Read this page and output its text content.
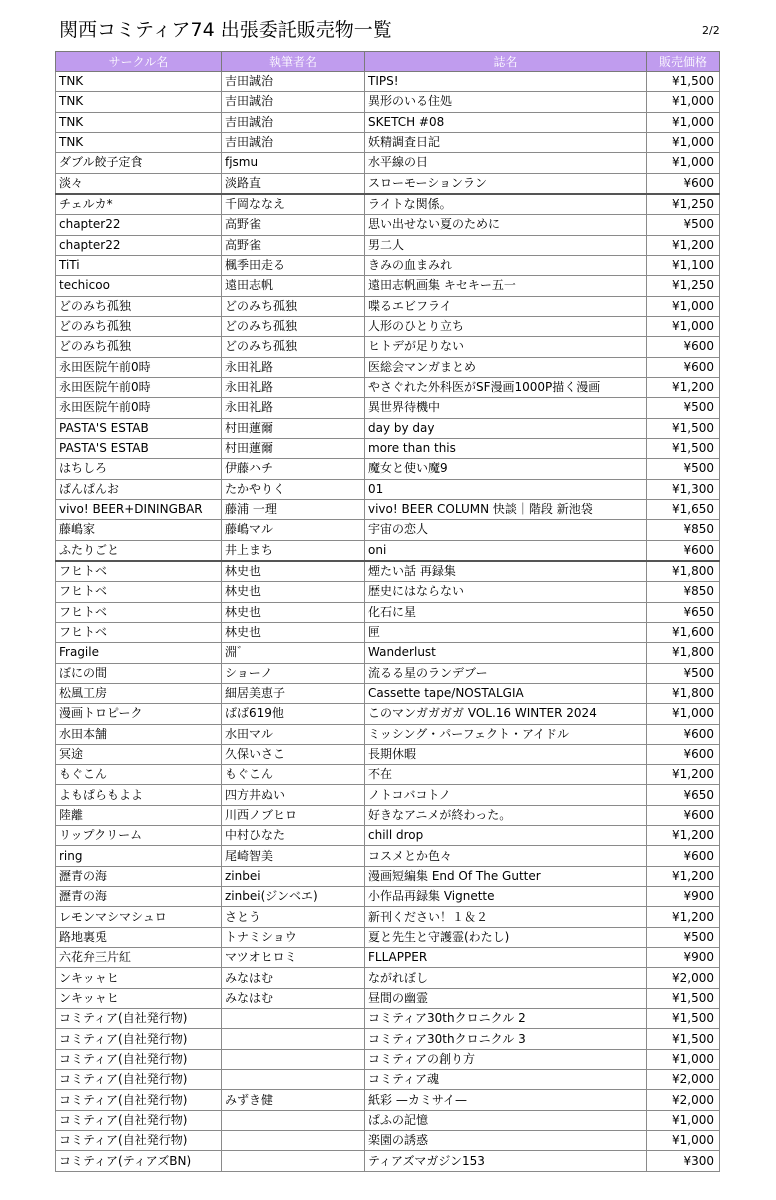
関西コミティア74 出張委託販売物一覧	2/2
サークル名	執筆者名	誌名	販売価格
TNK	吉田誠治	TIPS!	¥1,500
TNK	吉田誠治	異形のいる住処	¥1,000
TNK	吉田誠治	SKETCH #08	¥1,000
TNK	吉田誠治	妖精調査日記	¥1,000
ダブル餃子定食	fjsmu	水平線の日	¥1,000
淡々	淡路直	スローモーションラン	¥600
チェルカ*	千岡ななえ	ライトな関係。	¥1,250
chapter22	高野雀	思い出せない夏のために	¥500
chapter22	高野雀	男二人	¥1,200
TiTi	楓季田走る	きみの血まみれ	¥1,100
techicoo	遠田志帆	遠田志帆画集 キセキー五一	¥1,250
どのみち孤独	どのみち孤独	喋るエビフライ	¥1,000
どのみち孤独	どのみち孤独	人形のひとり立ち	¥1,000
どのみち孤独	どのみち孤独	ヒトデが足りない	¥600
永田医院午前0時	永田礼路	医総会マンガまとめ	¥600
永田医院午前0時	永田礼路	やさぐれた外科医がSF漫画1000P描く漫画	¥1,200
永田医院午前0時	永田礼路	異世界待機中	¥500
PASTA'S ESTAB	村田蓮爾	day by day	¥1,500
PASTA'S ESTAB	村田蓮爾	more than this	¥1,500
はちしろ	伊藤ハチ	魔女と使い魔9	¥500
ぱんぱんお	たかやりく	01	¥1,300
vivo! BEER+DININGBAR	藤浦 一理	vivo! BEER COLUMN 快談｜階段 新池袋	¥1,650
藤嶋家	藤嶋マル	宇宙の恋人	¥850
ふたりごと	井上まち	oni	¥600
フヒトベ	林史也	煙たい話 再録集	¥1,800
フヒトベ	林史也	歴史にはならない	¥850
フヒトベ	林史也	化石に星	¥650
フヒトベ	林史也	匣	¥1,600
Fragile	淵゛	Wanderlust	¥1,800
ぼにの間	ショーノ	流るる星のランデブー	¥500
松風工房	細居美恵子	Cassette tape/NOSTALGIA	¥1,800
漫画トロピーク	ばば619他	このマンガガガガ VOL.16 WINTER 2024	¥1,000
水田本舗	水田マル	ミッシング・パーフェクト・アイドル	¥600
冥途	久保いさこ	長期休暇	¥600
もぐこん	もぐこん	不在	¥1,200
よもぱらもよよ	四方井ぬい	ノトコバコトノ	¥650
陸離	川西ノブヒロ	好きなアニメが終わった。	¥600
リップクリーム	中村ひなた	chill drop	¥1,200
ring	尾崎智美	コスメとか色々	¥600
瀝青の海	zinbei	漫画短編集 End Of The Gutter	¥1,200
瀝青の海	zinbei(ジンベエ)	小作品再録集 Vignette	¥900
レモンマシマシュロ	さとう	新刊ください！１＆２	¥1,200
路地裏兎	トナミショウ	夏と先生と守護霊(わたし)	¥500
六花弁三片紅	マツオヒロミ	FLLAPPER	¥900
ンキッャヒ	みなはむ	ながれぼし	¥2,000
ンキッャヒ	みなはむ	昼間の幽霊	¥1,500
コミティア(自社発行物)		コミティア30thクロニクル 2	¥1,500
コミティア(自社発行物)		コミティア30thクロニクル 3	¥1,500
コミティア(自社発行物)		コミティアの創り方	¥1,000
コミティア(自社発行物)		コミティア魂	¥2,000
コミティア(自社発行物)	みずき健	紙彩 —カミサイ—	¥2,000
コミティア(自社発行物)		ぱふの記憶	¥1,000
コミティア(自社発行物)		楽園の誘惑	¥1,000
コミティア(ティアズBN)		ティアズマガジン153	¥300
